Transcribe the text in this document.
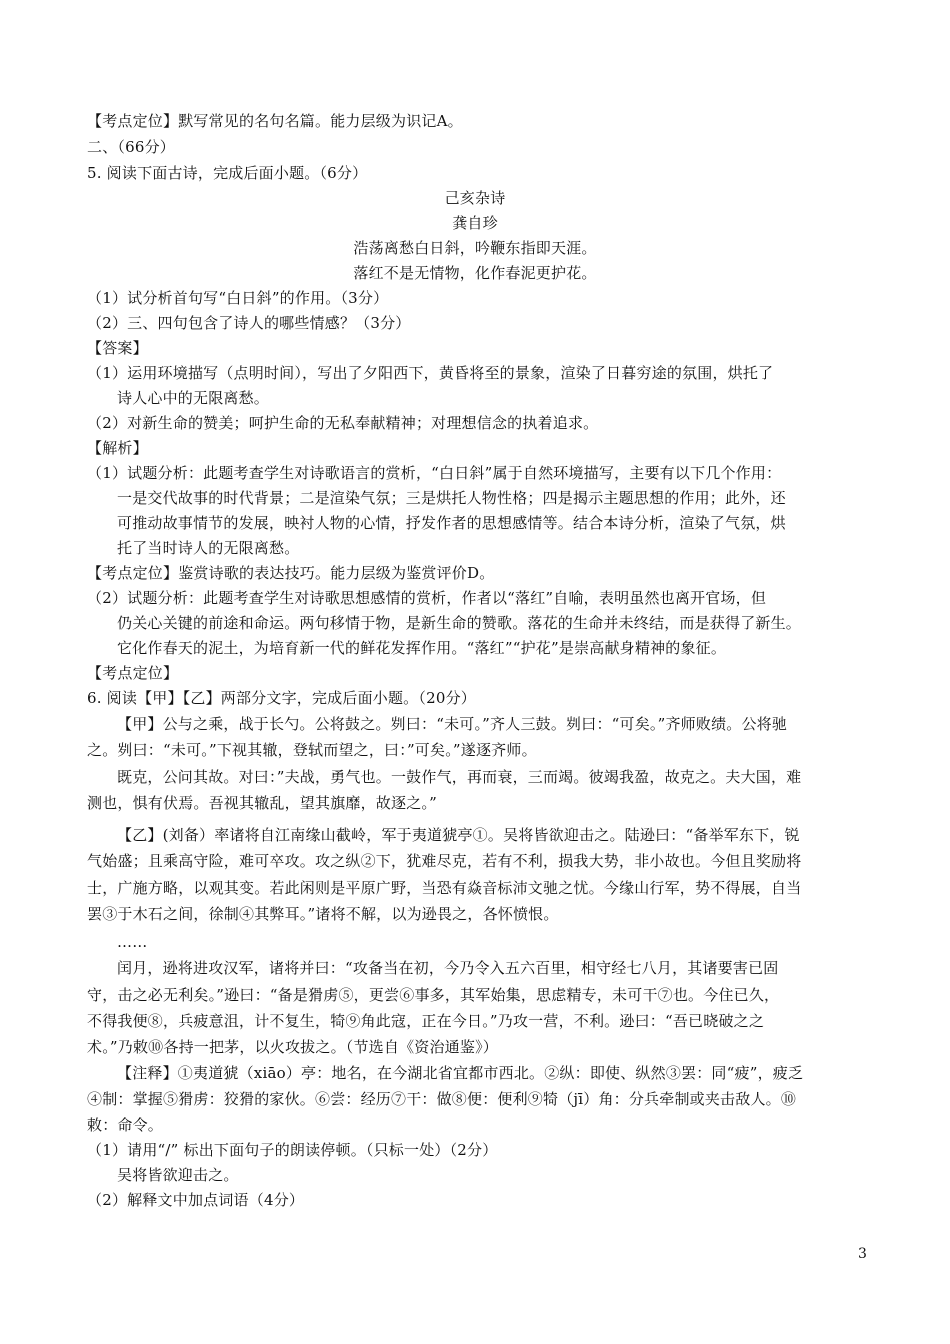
【考点定位】默写常见的名句名篇。能力层级为识记A。
二、（66分）
5. 阅读下面古诗，完成后面小题。（6分）
己亥杂诗
龚自珍
浩荡离愁白日斜，吟鞭东指即天涯。
落红不是无情物，化作春泥更护花。
（1）试分析首句写“白日斜”的作用。（3分）
（2）三、四句包含了诗人的哪些情感？（3分）
【答案】
（1）运用环境描写（点明时间），写出了夕阳西下，黄昏将至的景象，渲染了日暮穷途的氛围，烘托了
诗人心中的无限离愁。
（2）对新生命的赞美；呵护生命的无私奉献精神；对理想信念的执着追求。
【解析】
（1）试题分析：此题考查学生对诗歌语言的赏析，“白日斜”属于自然环境描写，主要有以下几个作用：
一是交代故事的时代背景；二是渲染气氛；三是烘托人物性格；四是揭示主题思想的作用；此外，还
可推动故事情节的发展，映衬人物的心情，抒发作者的思想感情等。结合本诗分析，渲染了气氛，烘
托了当时诗人的无限离愁。
【考点定位】鉴赏诗歌的表达技巧。能力层级为鉴赏评价D。
（2）试题分析：此题考查学生对诗歌思想感情的赏析，作者以“落红”自喻，表明虽然也离开官场，但
仍关心关键的前途和命运。两句移情于物，是新生命的赞歌。落花的生命并未终结，而是获得了新生。
它化作春天的泥土，为培育新一代的鲜花发挥作用。“落红”“护花”是崇高献身精神的象征。
【考点定位】
6. 阅读【甲】【乙】两部分文字，完成后面小题。（20分）
【甲】公与之乘，战于长勺。公将鼓之。刿曰：“未可。”齐人三鼓。刿曰：“可矣。”齐师败绩。公将驰
之。刿曰：“未可。”下视其辙，登轼而望之，曰：”可矣。”遂逐齐师。
既克，公问其故。对曰：”夫战，勇气也。一鼓作气，再而衰，三而竭。彼竭我盈，故克之。夫大国，难
测也，惧有伏焉。吾视其辙乱，望其旗靡，故逐之。”
【乙】(刘备）率诸将自江南缘山截岭，军于夷道猇亭①。吴将皆欲迎击之。陆逊曰：“备举军东下，锐
气始盛；且乘高守险，难可卒攻。攻之纵②下，犹难尽克，若有不利，损我大势，非小故也。今但且奖励将
士，广施方略，以观其变。若此闲则是平原广野，当恐有焱音标沛文驰之忧。今缘山行军，势不得展，自当
罢③于木石之间，徐制④其弊耳。”诸将不解，以为逊畏之，各怀愤恨。
……
闰月，逊将进攻汉军，诸将并曰：“攻备当在初，今乃令入五六百里，相守经七八月，其诸要害已固
守，击之必无利矣。”逊曰：“备是猾虏⑤，更尝⑥事多，其军始集，思虑精专，未可干⑦也。今住已久，
不得我便⑧，兵疲意沮，计不复生，犄⑨角此寇，正在今日。”乃攻一营，不利。逊曰：“吾已晓破之之
术。”乃敕⑩各持一把茅，以火攻拔之。（节选自《资治通鉴》）
【注释】①夷道猇（xiāo）亭：地名，在今湖北省宜都市西北。②纵：即使、纵然③罢：同“疲”，疲乏
④制：掌握⑤猾虏：狡猾的家伙。⑥尝：经历⑦干：做⑧便：便利⑨犄（jī）角：分兵牵制或夹击敌人。⑩
敕：命令。
（1）请用“/” 标出下面句子的朗读停顿。（只标一处）（2分）
吴将皆欲迎击之。
（2）解释文中加点词语（4分）
3
